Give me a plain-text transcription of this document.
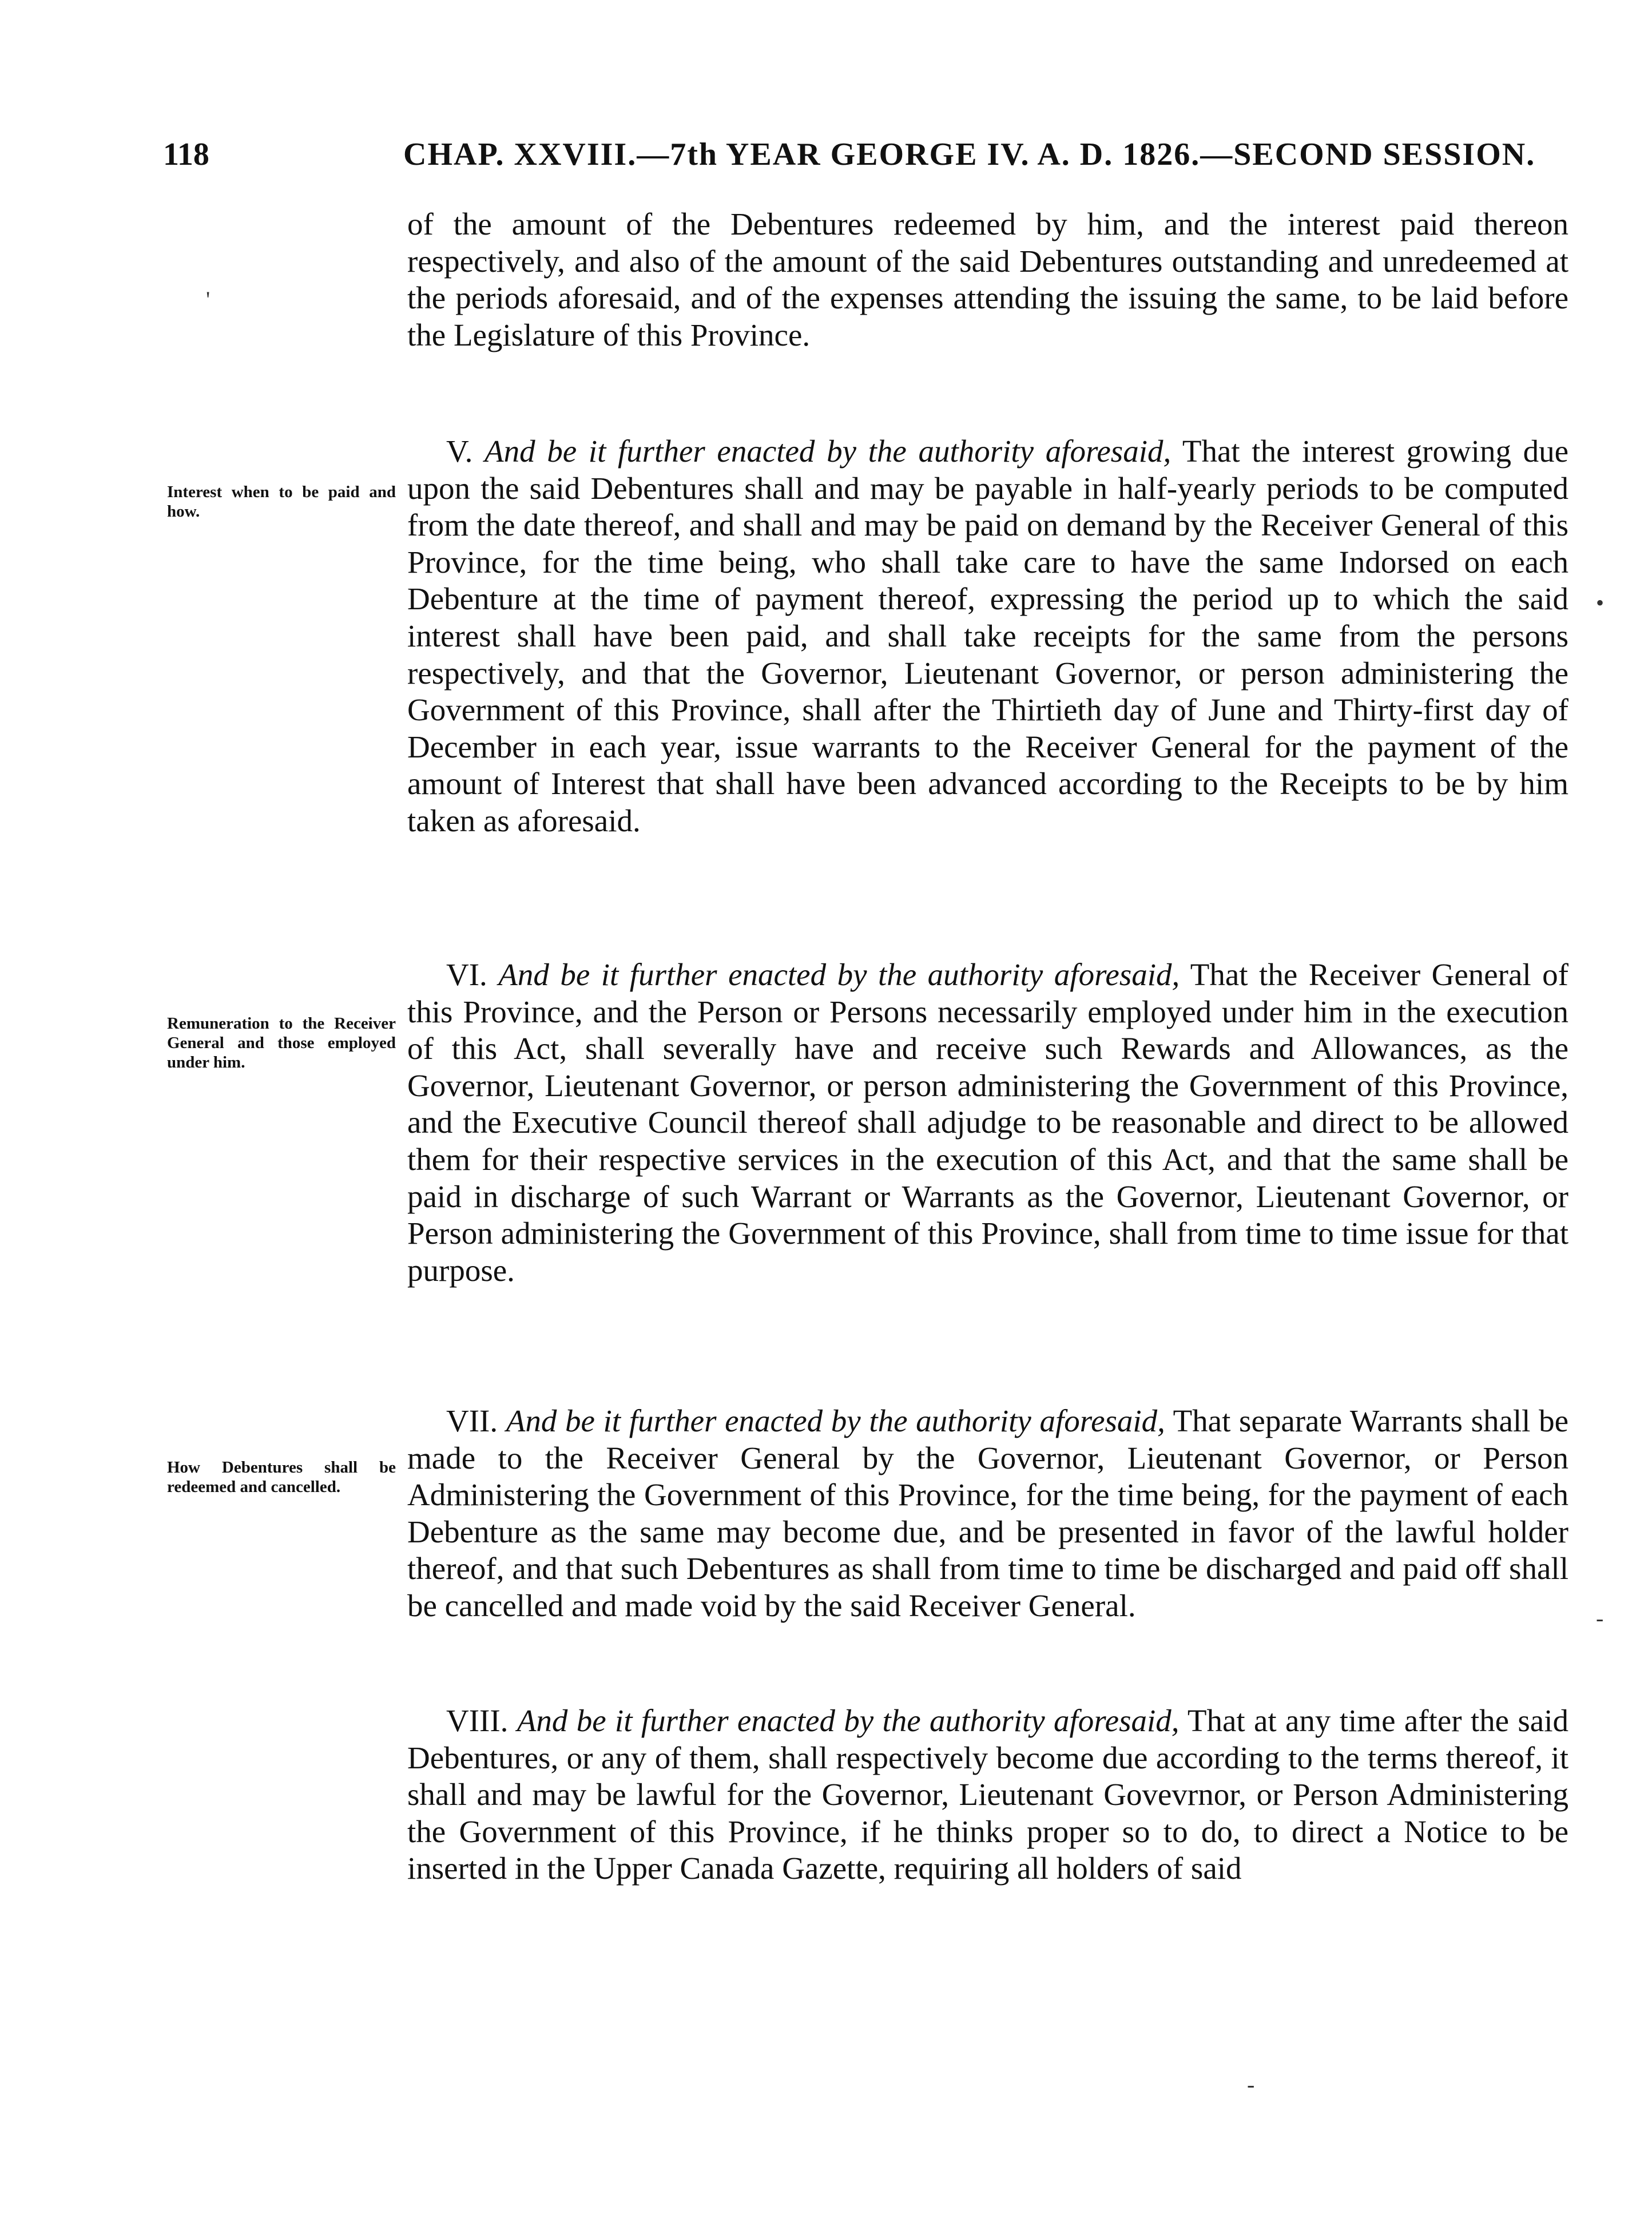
118	CHAP. XXVIII.—7th YEAR GEORGE IV. A. D. 1826.—SECOND SESSION.

of the amount of the Debentures redeemed by him, and the interest paid thereon respectively, and also of the amount of the said Debentures outstanding and unredeemed at the periods aforesaid, and of the expenses attending the issuing the same, to be laid before the Legislature of this Province.

V. And be it further enacted by the authority aforesaid, That the interest growing due upon the said Debentures shall and may be payable in half-yearly periods to be computed from the date thereof, and shall and may be paid on demand by the Receiver General of this Province, for the time being, who shall take care to have the same Indorsed on each Debenture at the time of payment thereof, expressing the period up to which the said interest shall have been paid, and shall take receipts for the same from the persons respectively, and that the Governor, Lieutenant Governor, or person administering the Government of this Province, shall after the Thirtieth day of June and Thirty-first day of December in each year, issue warrants to the Receiver General for the payment of the amount of Interest that shall have been advanced according to the Receipts to be by him taken as aforesaid.

Interest when to be paid and how.

VI. And be it further enacted by the authority aforesaid, That the Receiver General of this Province, and the Person or Persons necessarily employed under him in the execution of this Act, shall severally have and receive such Rewards and Allowances, as the Governor, Lieutenant Governor, or person administering the Government of this Province, and the Executive Council thereof shall adjudge to be reasonable and direct to be allowed them for their respective services in the execution of this Act, and that the same shall be paid in discharge of such Warrant or Warrants as the Governor, Lieutenant Governor, or Person administering the Government of this Province, shall from time to time issue for that purpose.

Remuneration to the Receiver General and those employed under him.

VII. And be it further enacted by the authority aforesaid, That separate Warrants shall be made to the Receiver General by the Governor, Lieutenant Governor, or Person Administering the Government of this Province, for the time being, for the payment of each Debenture as the same may become due, and be presented in favor of the lawful holder thereof, and that such Debentures as shall from time to time be discharged and paid off shall be cancelled and made void by the said Receiver General.

How Debentures shall be redeemed and cancelled.

VIII. And be it further enacted by the authority aforesaid, That at any time after the said Debentures, or any of them, shall respectively become due according to the terms thereof, it shall and may be lawful for the Governor, Lieutenant Govevrnor, or Person Administering the Government of this Province, if he thinks proper so to do, to direct a Notice to be inserted in the Upper Canada Gazette, requiring all holders of said

'
•
-
-
